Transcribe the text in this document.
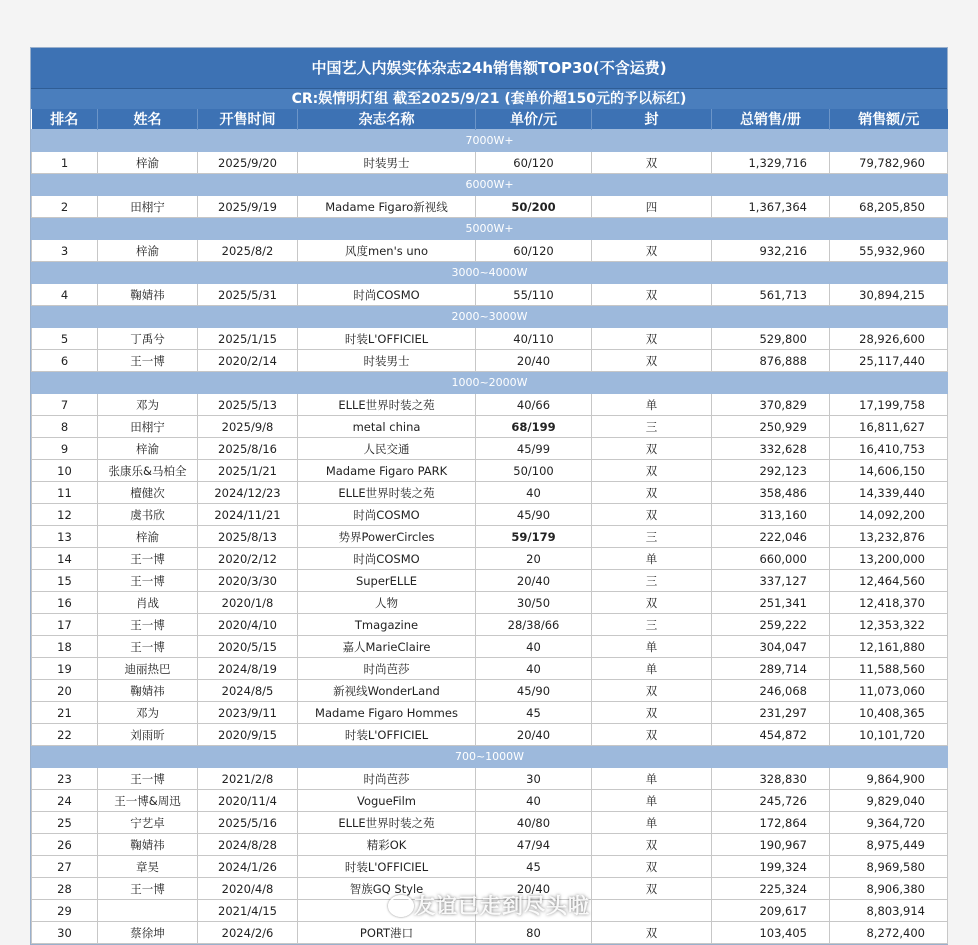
中国艺人内娱实体杂志24h销售额TOP30(不含运费)
CR:娱情明灯组 截至2025/9/21 (套单价超150元的予以标红)
排名	姓名	开售时间	杂志名称	单价/元	封	总销售/册	销售额/元
7000W+							
1	梓渝	2025/9/20	时装男士	60/120	双	1,329,716	79,782,960
6000W+							
2	田栩宁	2025/9/19	Madame Figaro新视线	50/200	四	1,367,364	68,205,850
5000W+							
3	梓渝	2025/8/2	风度men's uno	60/120	双	932,216	55,932,960
3000~4000W							
4	鞠婧祎	2025/5/31	时尚COSMO	55/110	双	561,713	30,894,215
2000~3000W							
5	丁禹兮	2025/1/15	时装L'OFFICIEL	40/110	双	529,800	28,926,600
6	王一博	2020/2/14	时装男士	20/40	双	876,888	25,117,440
1000~2000W							
7	邓为	2025/5/13	ELLE世界时装之苑	40/66	单	370,829	17,199,758
8	田栩宁	2025/9/8	metal china	68/199	三	250,929	16,811,627
9	梓渝	2025/8/16	人民交通	45/99	双	332,628	16,410,753
10	张康乐&马柏全	2025/1/21	Madame Figaro PARK	50/100	双	292,123	14,606,150
11	檀健次	2024/12/23	ELLE世界时装之苑	40	双	358,486	14,339,440
12	虞书欣	2024/11/21	时尚COSMO	45/90	双	313,160	14,092,200
13	梓渝	2025/8/13	势界PowerCircles	59/179	三	222,046	13,232,876
14	王一博	2020/2/12	时尚COSMO	20	单	660,000	13,200,000
15	王一博	2020/3/30	SuperELLE	20/40	三	337,127	12,464,560
16	肖战	2020/1/8	人物	30/50	双	251,341	12,418,370
17	王一博	2020/4/10	Tmagazine	28/38/66	三	259,222	12,353,322
18	王一博	2020/5/15	嘉人MarieClaire	40	单	304,047	12,161,880
19	迪丽热巴	2024/8/19	时尚芭莎	40	单	289,714	11,588,560
20	鞠婧祎	2024/8/5	新视线WonderLand	45/90	双	246,068	11,073,060
21	邓为	2023/9/11	Madame Figaro Hommes	45	双	231,297	10,408,365
22	刘雨昕	2020/9/15	时装L'OFFICIEL	20/40	双	454,872	10,101,720
700~1000W							
23	王一博	2021/2/8	时尚芭莎	30	单	328,830	9,864,900
24	王一博&周迅	2020/11/4	VogueFilm	40	单	245,726	9,829,040
25	宁艺卓	2025/5/16	ELLE世界时装之苑	40/80	单	172,864	9,364,720
26	鞠婧祎	2024/8/28	精彩OK	47/94	双	190,967	8,975,449
27	章昊	2024/1/26	时装L'OFFICIEL	45	双	199,324	8,969,580
28	王一博	2020/4/8	智族GQ Style	20/40	双	225,324	8,906,380
29		2021/4/15				209,617	8,803,914
30	蔡徐坤	2024/2/6	PORT港口	80	双	103,405	8,272,400
友谊已走到尽头啦
